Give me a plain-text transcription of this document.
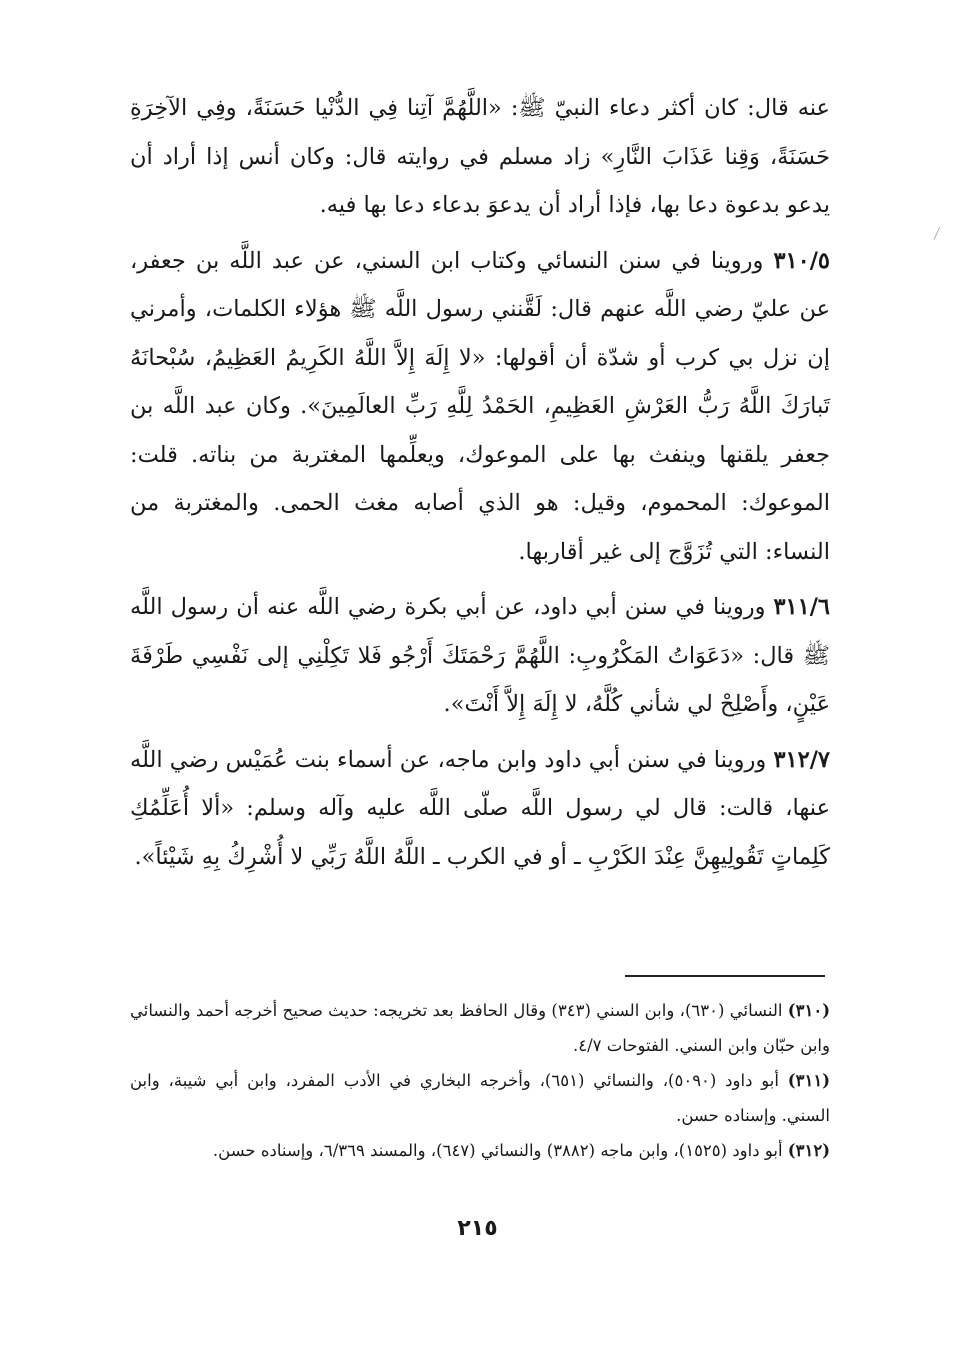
عنه قال: كان أكثر دعاء النبيّ ﷺ: «اللَّهُمَّ آتِنا فِي الدُّنْيا حَسَنَةً، وفِي الآخِرَةِ حَسَنَةً، وَقِنا عَذَابَ النَّارِ» زاد مسلم في روايته قال: وكان أنس إذا أراد أن يدعو بدعوة دعا بها، فإذا أراد أن يدعوَ بدعاء دعا بها فيه.

٣١٠/٥ وروينا في سنن النسائي وكتاب ابن السني، عن عبد اللَّه بن جعفر، عن عليّ رضي اللَّه عنهم قال: لَقَّنني رسول اللَّه ﷺ هؤلاء الكلمات، وأمرني إن نزل بي كرب أو شدّة أن أقولها: «لا إِلَهَ إِلاَّ اللَّهُ الكَرِيمُ العَظِيمُ، سُبْحانَهُ تَبارَكَ اللَّهُ رَبُّ العَرْشِ العَظِيمِ، الحَمْدُ لِلَّهِ رَبِّ العالَمِينَ». وكان عبد اللَّه بن جعفر يلقنها وينفث بها على الموعوك، ويعلِّمها المغتربة من بناته. قلت: الموعوك: المحموم، وقيل: هو الذي أصابه مغث الحمى. والمغتربة من النساء: التي تُزَوَّج إلى غير أقاربها.

٣١١/٦ وروينا في سنن أبي داود، عن أبي بكرة رضي اللَّه عنه أن رسول اللَّه ﷺ قال: «دَعَوَاتُ المَكْرُوبِ: اللَّهُمَّ رَحْمَتَكَ أَرْجُو فَلا تَكِلْنِي إلى نَفْسِي طَرْفَةَ عَيْنٍ، وأَصْلِحْ لي شأني كُلَّهُ، لا إِلَهَ إِلاَّ أَنْتَ».

٣١٢/٧ وروينا في سنن أبي داود وابن ماجه، عن أسماء بنت عُمَيْس رضي اللَّه عنها، قالت: قال لي رسول اللَّه صلّى اللَّه عليه وآله وسلم: «ألا أُعَلِّمُكِ كَلِماتٍ تَقُولِيهِنَّ عِنْدَ الكَرْبِ ـ أو في الكرب ـ اللَّهُ اللَّهُ رَبِّي لا أُشْرِكُ بِهِ شَيْئاً».

(٣١٠) النسائي (٦٣٠)، وابن السني (٣٤٣) وقال الحافظ بعد تخريجه: حديث صحيح أخرجه أحمد والنسائي وابن حبّان وابن السني. الفتوحات ٤/٧.

(٣١١) أبو داود (٥٠٩٠)، والنسائي (٦٥١)، وأخرجه البخاري في الأدب المفرد، وابن أبي شيبة، وابن السني. وإسناده حسن.

(٣١٢) أبو داود (١٥٢٥)، وابن ماجه (٣٨٨٢) والنسائي (٦٤٧)، والمسند ٦/٣٦٩، وإسناده حسن.

٢١٥
